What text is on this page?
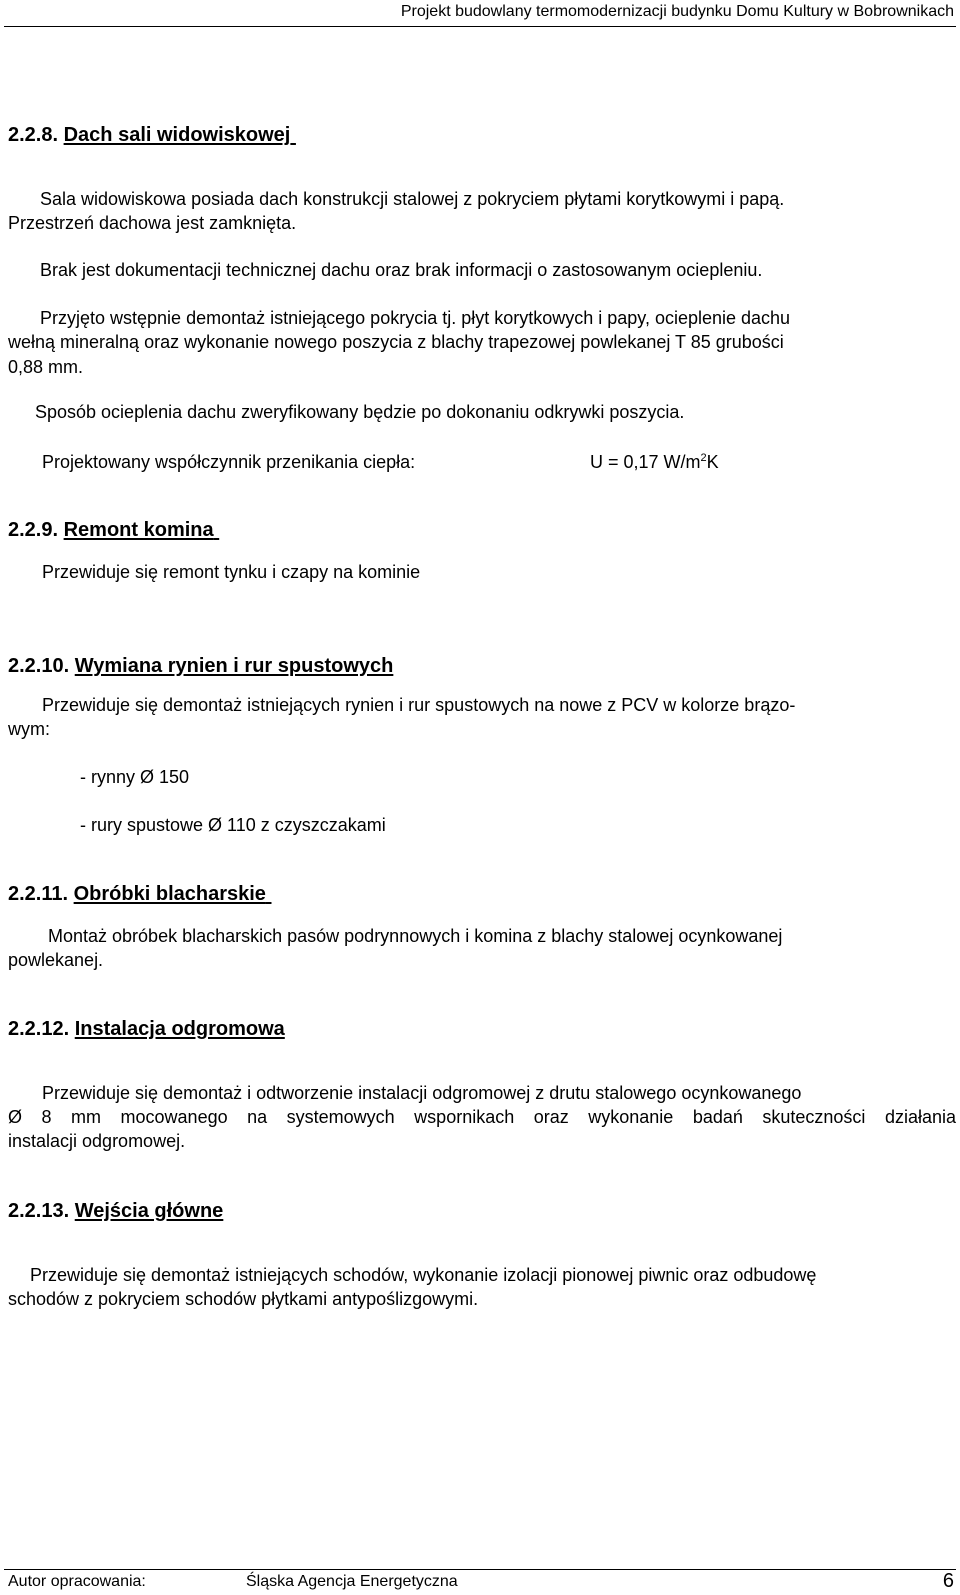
Projekt budowlany termomodernizacji budynku Domu Kultury w Bobrownikach
2.2.8. Dach sali widowiskowej
Sala widowiskowa posiada dach konstrukcji stalowej z pokryciem płytami korytkowymi i papą.
Przestrzeń dachowa jest zamknięta.
Brak jest dokumentacji technicznej dachu oraz brak informacji o zastosowanym ociepleniu.
Przyjęto wstępnie demontaż istniejącego pokrycia tj. płyt korytkowych i papy, ocieplenie dachu
wełną mineralną oraz wykonanie nowego poszycia z blachy trapezowej powlekanej T 85 grubości
0,88 mm.
Sposób ocieplenia dachu zweryfikowany będzie po dokonaniu odkrywki poszycia.
Projektowany współczynnik przenikania ciepła:	U = 0,17 $W/m^2K$
2.2.9. Remont komina
Przewiduje się remont tynku i czapy na kominie
2.2.10. Wymiana rynien i rur spustowych
Przewiduje się demontaż istniejących rynien i rur spustowych na nowe z PCV w kolorze brązo-
wym:
- rynny Ø 150
- rury spustowe Ø 110 z czyszczakami
2.2.11. Obróbki blacharskie
Montaż obróbek blacharskich pasów podrynnowych i komina z blachy stalowej ocynkowanej
powlekanej.
2.2.12. Instalacja odgromowa
Przewiduje się demontaż i odtworzenie instalacji odgromowej z drutu stalowego ocynkowanego
Ø 8 mm mocowanego na systemowych wspornikach oraz wykonanie badań skuteczności działania
instalacji odgromowej.
2.2.13. Wejścia główne
Przewiduje się demontaż istniejących schodów, wykonanie izolacji pionowej piwnic oraz odbudowę
schodów z pokryciem schodów płytkami antypoślizgowymi.
Autor opracowania:	Śląska Agencja Energetyczna	6
